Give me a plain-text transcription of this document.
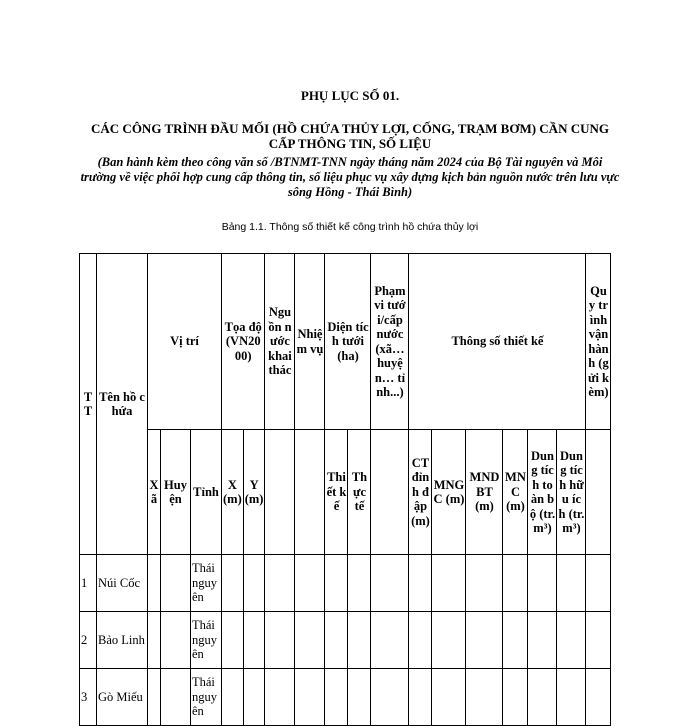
PHỤ LỤC SỐ 01.
CÁC CÔNG TRÌNH ĐẦU MỐI (HỒ CHỨA THỦY LỢI, CỐNG, TRẠM BƠM) CẦN CUNG CẤP THÔNG TIN, SỐ LIỆU
(Ban hành kèm theo công văn số /BTNMT-TNN ngày tháng năm 2024 của Bộ Tài nguyên và Môi trường về việc phối hợp cung cấp thông tin, số liệu phục vụ xây dựng kịch bản nguồn nước trên lưu vực sông Hồng - Thái Bình)
Bảng 1.1. Thông số thiết kế công trình hồ chứa thủy lợi
TT	Tên hồ chứa	Vị trí			Tọa độ (VN2000)		Nguồn nước khai thác	Nhiệm vụ	Diện tích tưới (ha)		Phạm vi tưới/cấp nước (xã… huyện… tỉnh...)	Thông số thiết kế						Quy trình vận hành (gửi kèm)
		Xã	Huyện	Tỉnh	X (m)	Y (m)			Thiết kế	Thực tế		CT đỉnh đập (m)	MNGC (m)	MNDBT (m)	MNC (m)	Dung tích toàn bộ (tr. m³)	Dung tích hữu ích (tr. m³)	
1	Núi Cốc			Thái nguyên														
2	Bảo Linh			Thái nguyên														
3	Gò Miếu			Thái nguyên														
